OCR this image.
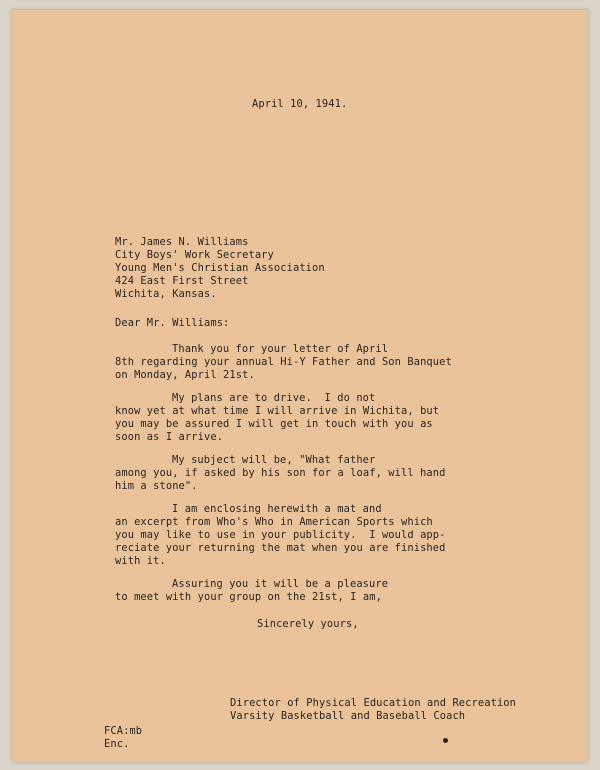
April 10, 1941.
Mr. James N. Williams
City Boys' Work Secretary
Young Men's Christian Association
424 East First Street
Wichita, Kansas.
Dear Mr. Williams:
Thank you for your letter of April
8th regarding your annual Hi-Y Father and Son Banquet
on Monday, April 21st.
My plans are to drive.  I do not
know yet at what time I will arrive in Wichita, but
you may be assured I will get in touch with you as
soon as I arrive.
My subject will be, "What father
among you, if asked by his son for a loaf, will hand
him a stone".
I am enclosing herewith a mat and
an excerpt from Who's Who in American Sports which
you may like to use in your publicity.  I would app-
reciate your returning the mat when you are finished
with it.
Assuring you it will be a pleasure
to meet with your group on the 21st, I am,
Sincerely yours,
Director of Physical Education and Recreation
Varsity Basketball and Baseball Coach
FCA:mb
Enc.
